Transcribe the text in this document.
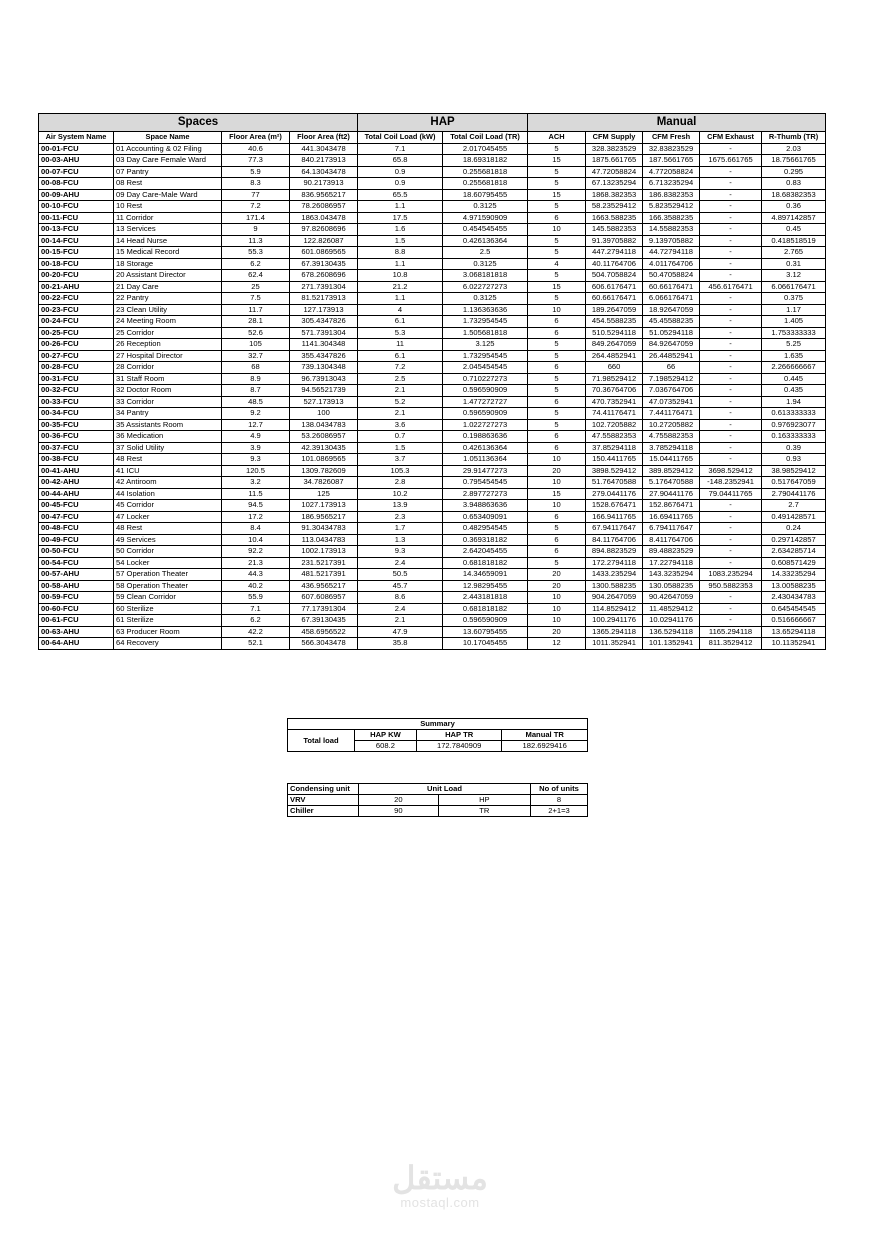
Spaces				HAP		Manual				
Air System Name	Space Name	Floor Area (m²)	Floor Area (ft2)	Total Coil Load (kW)	Total Coil Load (TR)	ACH	CFM Supply	CFM Fresh	CFM Exhaust	R-Thumb (TR)
00-01-FCU	01 Accounting & 02 Filing	40.6	441.3043478	7.1	2.017045455	5	328.3823529	32.83823529	-	2.03
00-03-AHU	03 Day Care Female Ward	77.3	840.2173913	65.8	18.69318182	15	1875.661765	187.5661765	1675.661765	18.75661765
00-07-FCU	07 Pantry	5.9	64.13043478	0.9	0.255681818	5	47.72058824	4.772058824	-	0.295
00-08-FCU	08 Rest	8.3	90.2173913	0.9	0.255681818	5	67.13235294	6.713235294	-	0.83
00-09-AHU	09 Day Care-Male Ward	77	836.9565217	65.5	18.60795455	15	1868.382353	186.8382353	-	18.68382353
00-10-FCU	10 Rest	7.2	78.26086957	1.1	0.3125	5	58.23529412	5.823529412	-	0.36
00-11-FCU	11 Corridor	171.4	1863.043478	17.5	4.971590909	6	1663.588235	166.3588235	-	4.897142857
00-13-FCU	13 Services	9	97.82608696	1.6	0.454545455	10	145.5882353	14.55882353	-	0.45
00-14-FCU	14 Head Nurse	11.3	122.826087	1.5	0.426136364	5	91.39705882	9.139705882	-	0.418518519
00-15-FCU	15 Medical Record	55.3	601.0869565	8.8	2.5	5	447.2794118	44.72794118	-	2.765
00-18-FCU	18 Storage	6.2	67.39130435	1.1	0.3125	4	40.11764706	4.011764706	-	0.31
00-20-FCU	20 Assistant Director	62.4	678.2608696	10.8	3.068181818	5	504.7058824	50.47058824	-	3.12
00-21-AHU	21 Day Care	25	271.7391304	21.2	6.022727273	15	606.6176471	60.66176471	456.6176471	6.066176471
00-22-FCU	22 Pantry	7.5	81.52173913	1.1	0.3125	5	60.66176471	6.066176471	-	0.375
00-23-FCU	23 Clean Utility	11.7	127.173913	4	1.136363636	10	189.2647059	18.92647059	-	1.17
00-24-FCU	24 Meeting Room	28.1	305.4347826	6.1	1.732954545	6	454.5588235	45.45588235	-	1.405
00-25-FCU	25 Corridor	52.6	571.7391304	5.3	1.505681818	6	510.5294118	51.05294118	-	1.753333333
00-26-FCU	26 Reception	105	1141.304348	11	3.125	5	849.2647059	84.92647059	-	5.25
00-27-FCU	27 Hospital Director	32.7	355.4347826	6.1	1.732954545	5	264.4852941	26.44852941	-	1.635
00-28-FCU	28 Corridor	68	739.1304348	7.2	2.045454545	6	660	66	-	2.266666667
00-31-FCU	31 Staff Room	8.9	96.73913043	2.5	0.710227273	5	71.98529412	7.198529412	-	0.445
00-32-FCU	32 Doctor Room	8.7	94.56521739	2.1	0.596590909	5	70.36764706	7.036764706	-	0.435
00-33-FCU	33 Corridor	48.5	527.173913	5.2	1.477272727	6	470.7352941	47.07352941	-	1.94
00-34-FCU	34 Pantry	9.2	100	2.1	0.596590909	5	74.41176471	7.441176471	-	0.613333333
00-35-FCU	35 Assistants Room	12.7	138.0434783	3.6	1.022727273	5	102.7205882	10.27205882	-	0.976923077
00-36-FCU	36 Medication	4.9	53.26086957	0.7	0.198863636	6	47.55882353	4.755882353	-	0.163333333
00-37-FCU	37 Solid Utility	3.9	42.39130435	1.5	0.426136364	6	37.85294118	3.785294118	-	0.39
00-38-FCU	48 Rest	9.3	101.0869565	3.7	1.051136364	10	150.4411765	15.04411765	-	0.93
00-41-AHU	41 ICU	120.5	1309.782609	105.3	29.91477273	20	3898.529412	389.8529412	3698.529412	38.98529412
00-42-AHU	42 Antiroom	3.2	34.7826087	2.8	0.795454545	10	51.76470588	5.176470588	-148.2352941	0.517647059
00-44-AHU	44 Isolation	11.5	125	10.2	2.897727273	15	279.0441176	27.90441176	79.04411765	2.790441176
00-45-FCU	45 Corridor	94.5	1027.173913	13.9	3.948863636	10	1528.676471	152.8676471	-	2.7
00-47-FCU	47 Locker	17.2	186.9565217	2.3	0.653409091	6	166.9411765	16.69411765	-	0.491428571
00-48-FCU	48 Rest	8.4	91.30434783	1.7	0.482954545	5	67.94117647	6.794117647	-	0.24
00-49-FCU	49 Services	10.4	113.0434783	1.3	0.369318182	6	84.11764706	8.411764706	-	0.297142857
00-50-FCU	50 Corridor	92.2	1002.173913	9.3	2.642045455	6	894.8823529	89.48823529	-	2.634285714
00-54-FCU	54 Locker	21.3	231.5217391	2.4	0.681818182	5	172.2794118	17.22794118	-	0.608571429
00-57-AHU	57 Operation Theater	44.3	481.5217391	50.5	14.34659091	20	1433.235294	143.3235294	1083.235294	14.33235294
00-58-AHU	58 Operation Theater	40.2	436.9565217	45.7	12.98295455	20	1300.588235	130.0588235	950.5882353	13.00588235
00-59-FCU	59 Clean Corridor	55.9	607.6086957	8.6	2.443181818	10	904.2647059	90.42647059	-	2.430434783
00-60-FCU	60 Sterilize	7.1	77.17391304	2.4	0.681818182	10	114.8529412	11.48529412	-	0.645454545
00-61-FCU	61 Sterilize	6.2	67.39130435	2.1	0.596590909	10	100.2941176	10.02941176	-	0.516666667
00-63-AHU	63 Producer Room	42.2	458.6956522	47.9	13.60795455	20	1365.294118	136.5294118	1165.294118	13.65294118
00-64-AHU	64 Recovery	52.1	566.3043478	35.8	10.17045455	12	1011.352941	101.1352941	811.3529412	10.11352941
Summary			
Total load	HAP KW	HAP TR	Manual TR
	608.2	172.7840909	182.6929416
Condensing unit	Unit Load		No of units
VRV	20	HP	8
Chiller	90	TR	2+1=3
مستقل
mostaql.com
